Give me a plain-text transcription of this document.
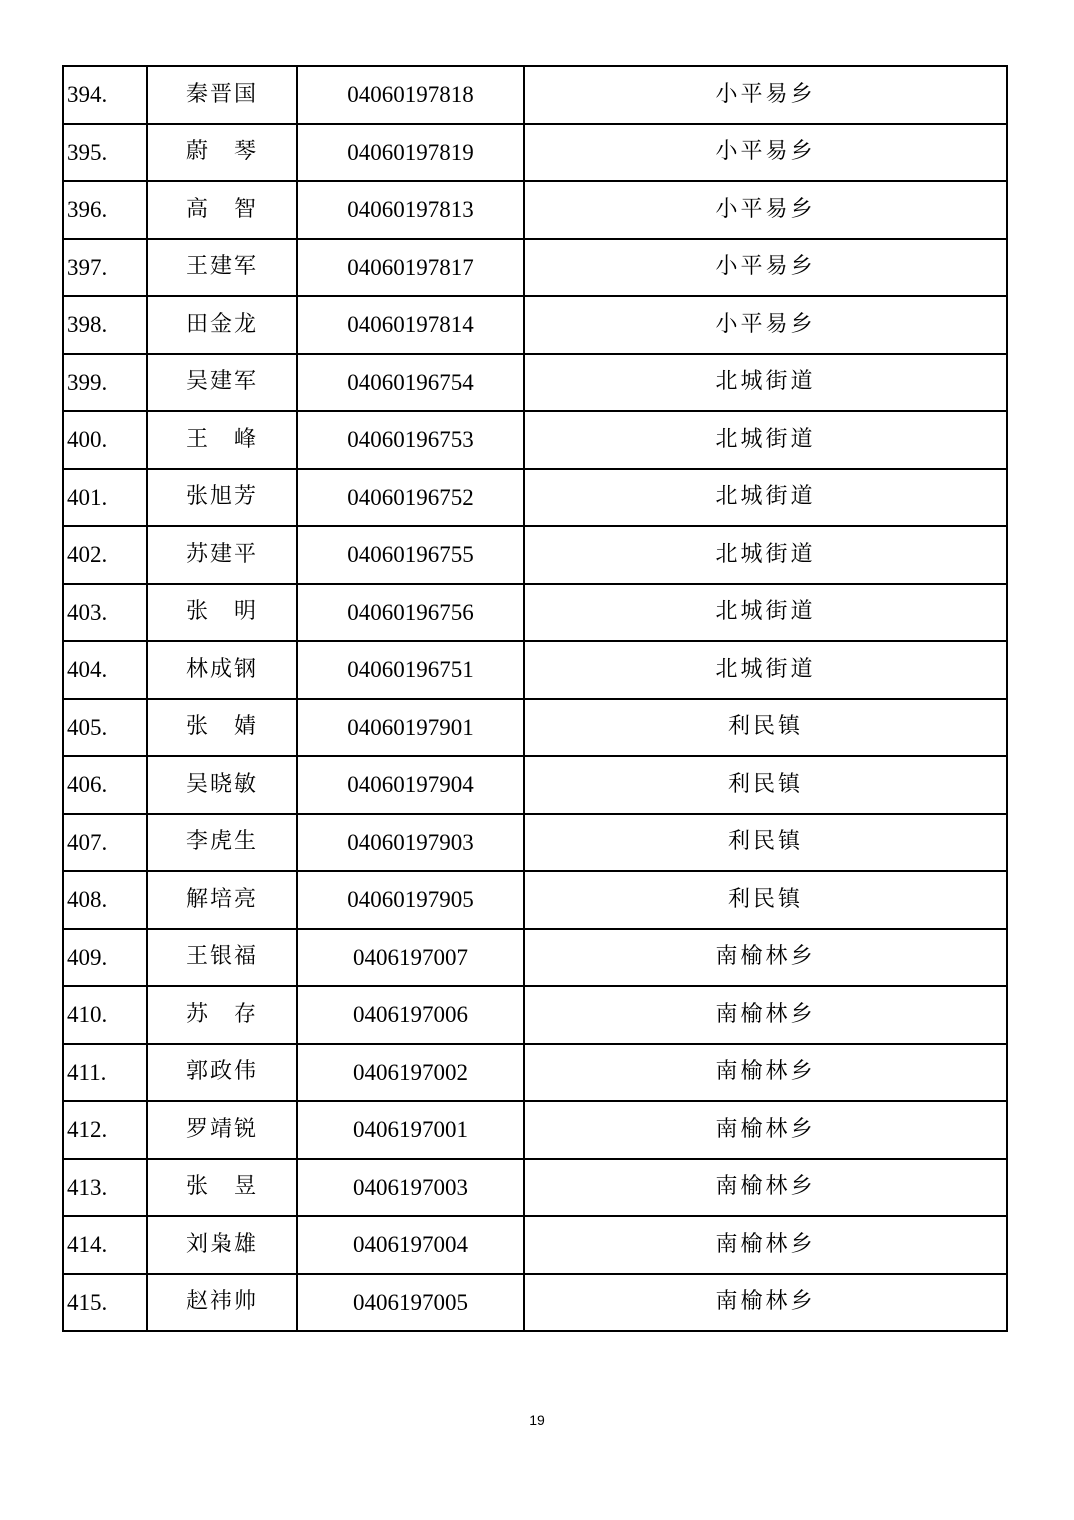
394.	秦晋国	04060197818	小平易乡
395.	蔚　琴	04060197819	小平易乡
396.	高　智	04060197813	小平易乡
397.	王建军	04060197817	小平易乡
398.	田金龙	04060197814	小平易乡
399.	吴建军	04060196754	北城街道
400.	王　峰	04060196753	北城街道
401.	张旭芳	04060196752	北城街道
402.	苏建平	04060196755	北城街道
403.	张　明	04060196756	北城街道
404.	林成钢	04060196751	北城街道
405.	张　婧	04060197901	利民镇
406.	吴晓敏	04060197904	利民镇
407.	李虎生	04060197903	利民镇
408.	解培亮	04060197905	利民镇
409.	王银福	0406197007	南榆林乡
410.	苏　存	0406197006	南榆林乡
411.	郭政伟	0406197002	南榆林乡
412.	罗靖锐	0406197001	南榆林乡
413.	张　昱	0406197003	南榆林乡
414.	刘枭雄	0406197004	南榆林乡
415.	赵祎帅	0406197005	南榆林乡
19
